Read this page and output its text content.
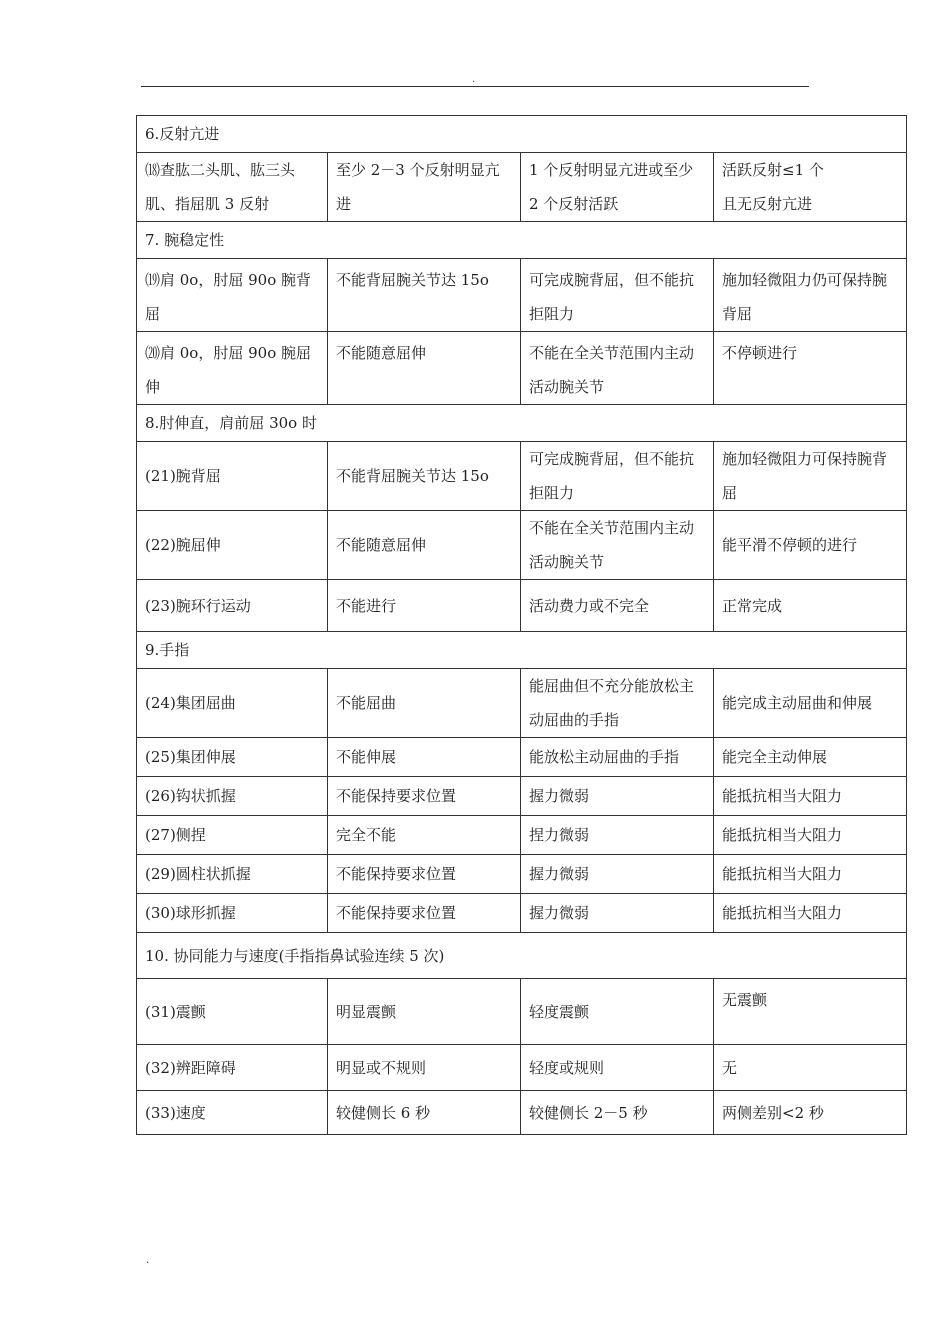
.
6.反射亢进			
⒅查肱二头肌、肱三头肌、指屈肌 3 反射	至少 2－3 个反射明显亢进	1 个反射明显亢进或至少 2 个反射活跃	活跃反射≤1 个
且无反射亢进
7. 腕稳定性			
⒆肩 0o，肘屈 90o 腕背屈	不能背屈腕关节达 15o	可完成腕背屈，但不能抗拒阻力	施加轻微阻力仍可保持腕背屈
⒇肩 0o，肘屈 90o 腕屈伸	不能随意屈伸	不能在全关节范围内主动活动腕关节	不停顿进行
8.肘伸直，肩前屈 30o 时			
(21)腕背屈	不能背屈腕关节达 15o	可完成腕背屈，但不能抗拒阻力	施加轻微阻力可保持腕背屈
(22)腕屈伸	不能随意屈伸	不能在全关节范围内主动活动腕关节	能平滑不停顿的进行
(23)腕环行运动	不能进行	活动费力或不完全	正常完成
9.手指			
(24)集团屈曲	不能屈曲	能屈曲但不充分能放松主动屈曲的手指	能完成主动屈曲和伸展
(25)集团伸展	不能伸展	能放松主动屈曲的手指	能完全主动伸展
(26)钩状抓握	不能保持要求位置	握力微弱	能抵抗相当大阻力
(27)侧捏	完全不能	捏力微弱	能抵抗相当大阻力
(29)圆柱状抓握	不能保持要求位置	握力微弱	能抵抗相当大阻力
(30)球形抓握	不能保持要求位置	握力微弱	能抵抗相当大阻力
10. 协同能力与速度(手指指鼻试验连续 5 次)			
(31)震颤	明显震颤	轻度震颤	无震颤
(32)辨距障碍	明显或不规则	轻度或规则	无
(33)速度	较健侧长 6 秒	较健侧长 2－5 秒	两侧差别<2 秒
.
